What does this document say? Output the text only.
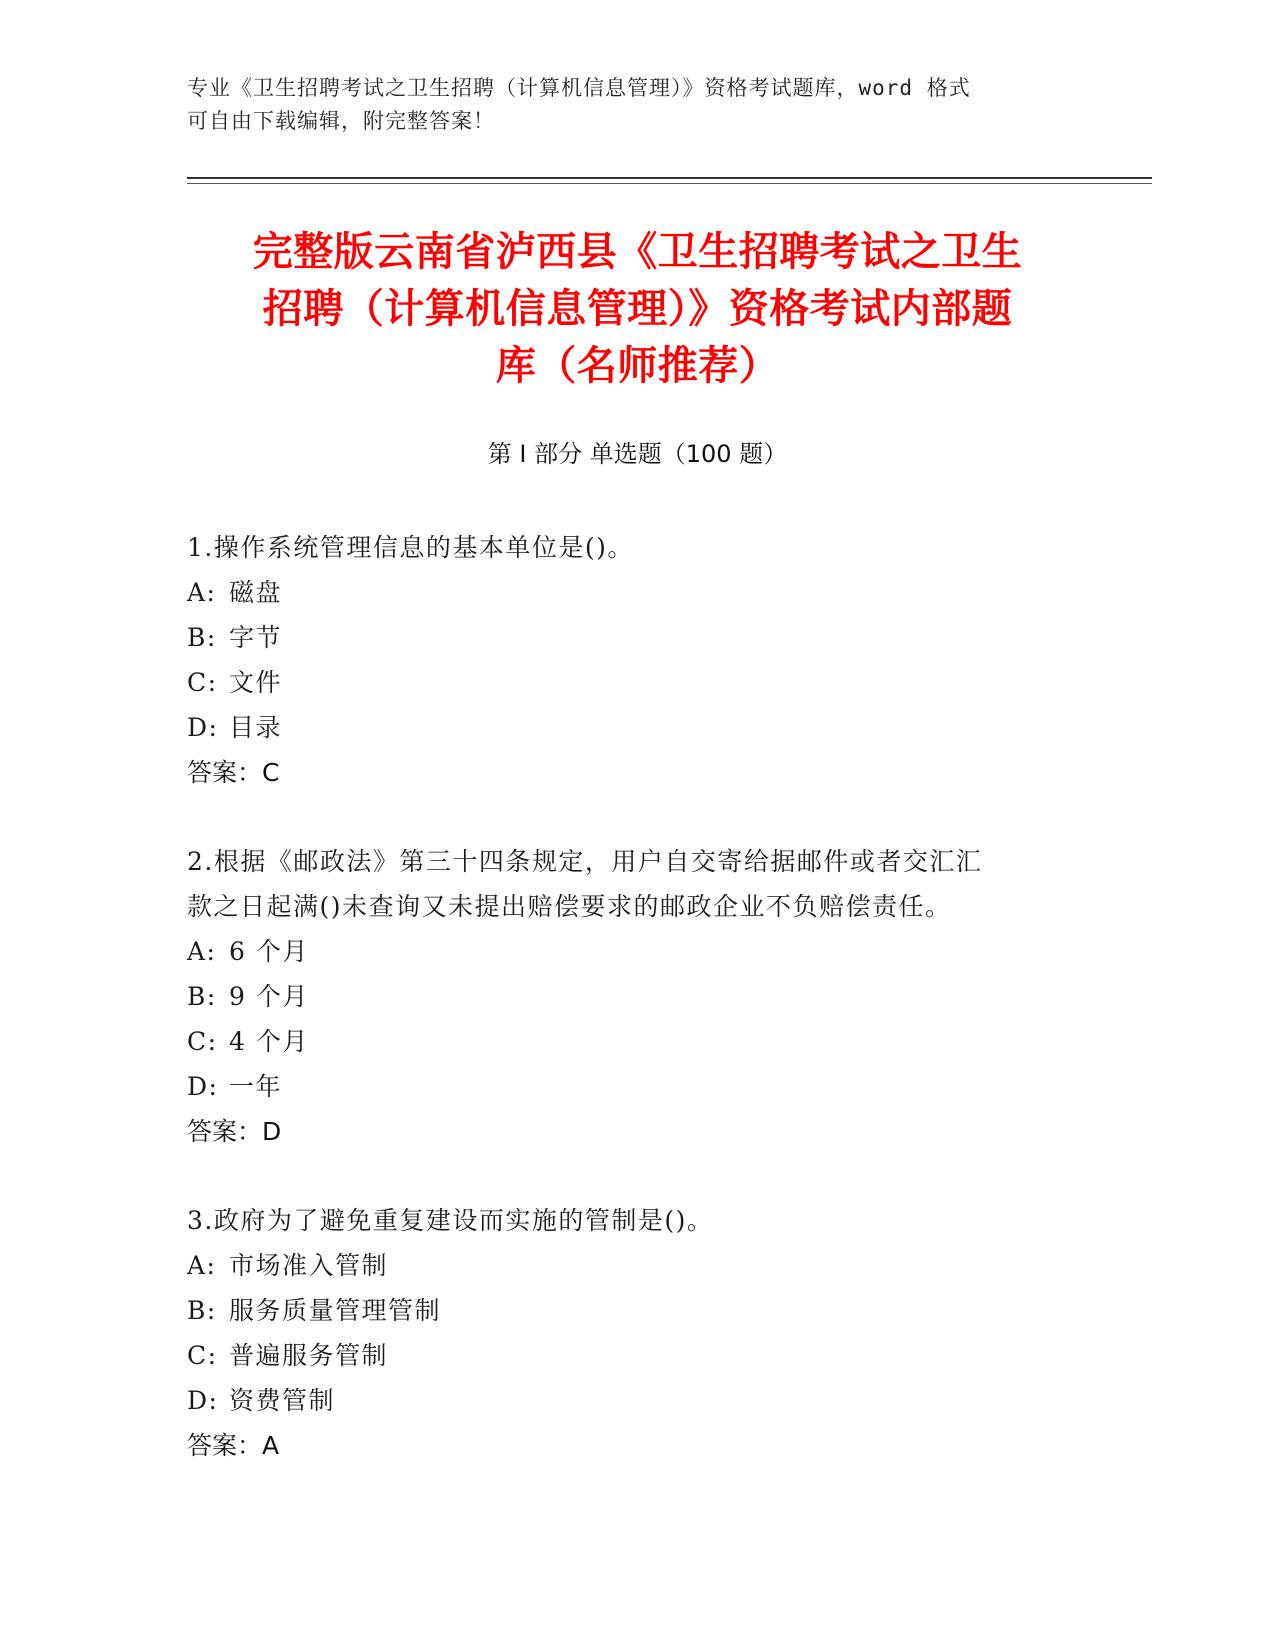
专业《卫生招聘考试之卫生招聘（计算机信息管理）》资格考试题库，word 格式
可自由下载编辑，附完整答案！
完整版云南省泸西县《卫生招聘考试之卫生
招聘（计算机信息管理）》资格考试内部题
库（名师推荐）
第 I 部分 单选题（100 题）
1.操作系统管理信息的基本单位是()。
A: 磁盘
B: 字节
C: 文件
D: 目录
答案：C
2.根据《邮政法》第三十四条规定，用户自交寄给据邮件或者交汇汇
款之日起满()未查询又未提出赔偿要求的邮政企业不负赔偿责任。
A: 6 个月
B: 9 个月
C: 4 个月
D: 一年
答案：D
3.政府为了避免重复建设而实施的管制是()。
A: 市场准入管制
B: 服务质量管理管制
C: 普遍服务管制
D: 资费管制
答案：A
